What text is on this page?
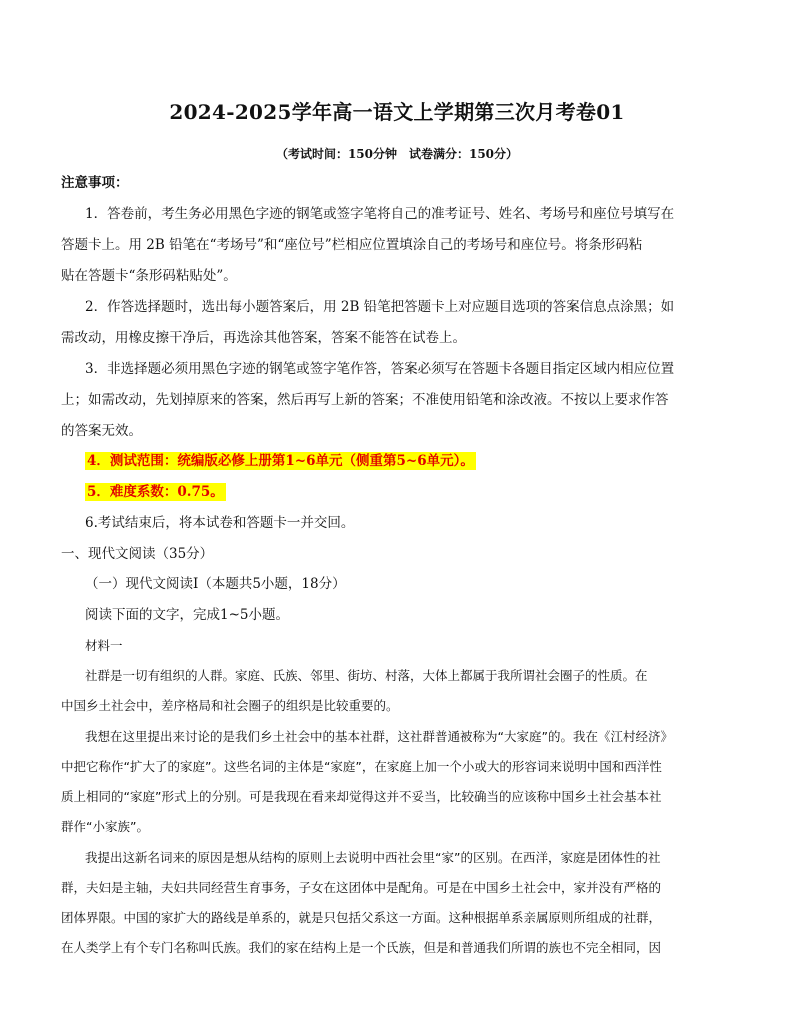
2024-2025学年高一语文上学期第三次月考卷01
（考试时间：150分钟　试卷满分：150分）
注意事项：
1．答卷前，考生务必用黑色字迹的钢笔或签字笔将自己的准考证号、姓名、考场号和座位号填写在
答题卡上。用 2B 铅笔在“考场号”和“座位号”栏相应位置填涂自己的考场号和座位号。将条形码粘
贴在答题卡“条形码粘贴处”。
2．作答选择题时，选出每小题答案后，用 2B 铅笔把答题卡上对应题目选项的答案信息点涂黑；如
需改动，用橡皮擦干净后，再选涂其他答案，答案不能答在试卷上。
3．非选择题必须用黑色字迹的钢笔或签字笔作答，答案必须写在答题卡各题目指定区域内相应位置
上；如需改动，先划掉原来的答案，然后再写上新的答案；不准使用铅笔和涂改液。不按以上要求作答
的答案无效。
4．测试范围：统编版必修上册第1~6单元（侧重第5~6单元）。
5．难度系数：0.75。
6.考试结束后，将本试卷和答题卡一并交回。
一、现代文阅读（35分）
（一）现代文阅读Ⅰ（本题共5小题，18分）
阅读下面的文字，完成1~5小题。
材料一
社群是一切有组织的人群。家庭、氏族、邻里、街坊、村落，大体上都属于我所谓社会圈子的性质。在
中国乡土社会中，差序格局和社会圈子的组织是比较重要的。
我想在这里提出来讨论的是我们乡土社会中的基本社群，这社群普通被称为“大家庭”的。我在《江村经济》
中把它称作“扩大了的家庭”。这些名词的主体是“家庭”，在家庭上加一个小或大的形容词来说明中国和西洋性
质上相同的“家庭”形式上的分别。可是我现在看来却觉得这并不妥当，比较确当的应该称中国乡土社会基本社
群作“小家族”。
我提出这新名词来的原因是想从结构的原则上去说明中西社会里“家”的区别。在西洋，家庭是团体性的社
群，夫妇是主轴，夫妇共同经营生育事务，子女在这团体中是配角。可是在中国乡土社会中，家并没有严格的
团体界限。中国的家扩大的路线是单系的，就是只包括父系这一方面。这种根据单系亲属原则所组成的社群，
在人类学上有个专门名称叫氏族。我们的家在结构上是一个氏族，但是和普通我们所谓的族也不完全相同，因
